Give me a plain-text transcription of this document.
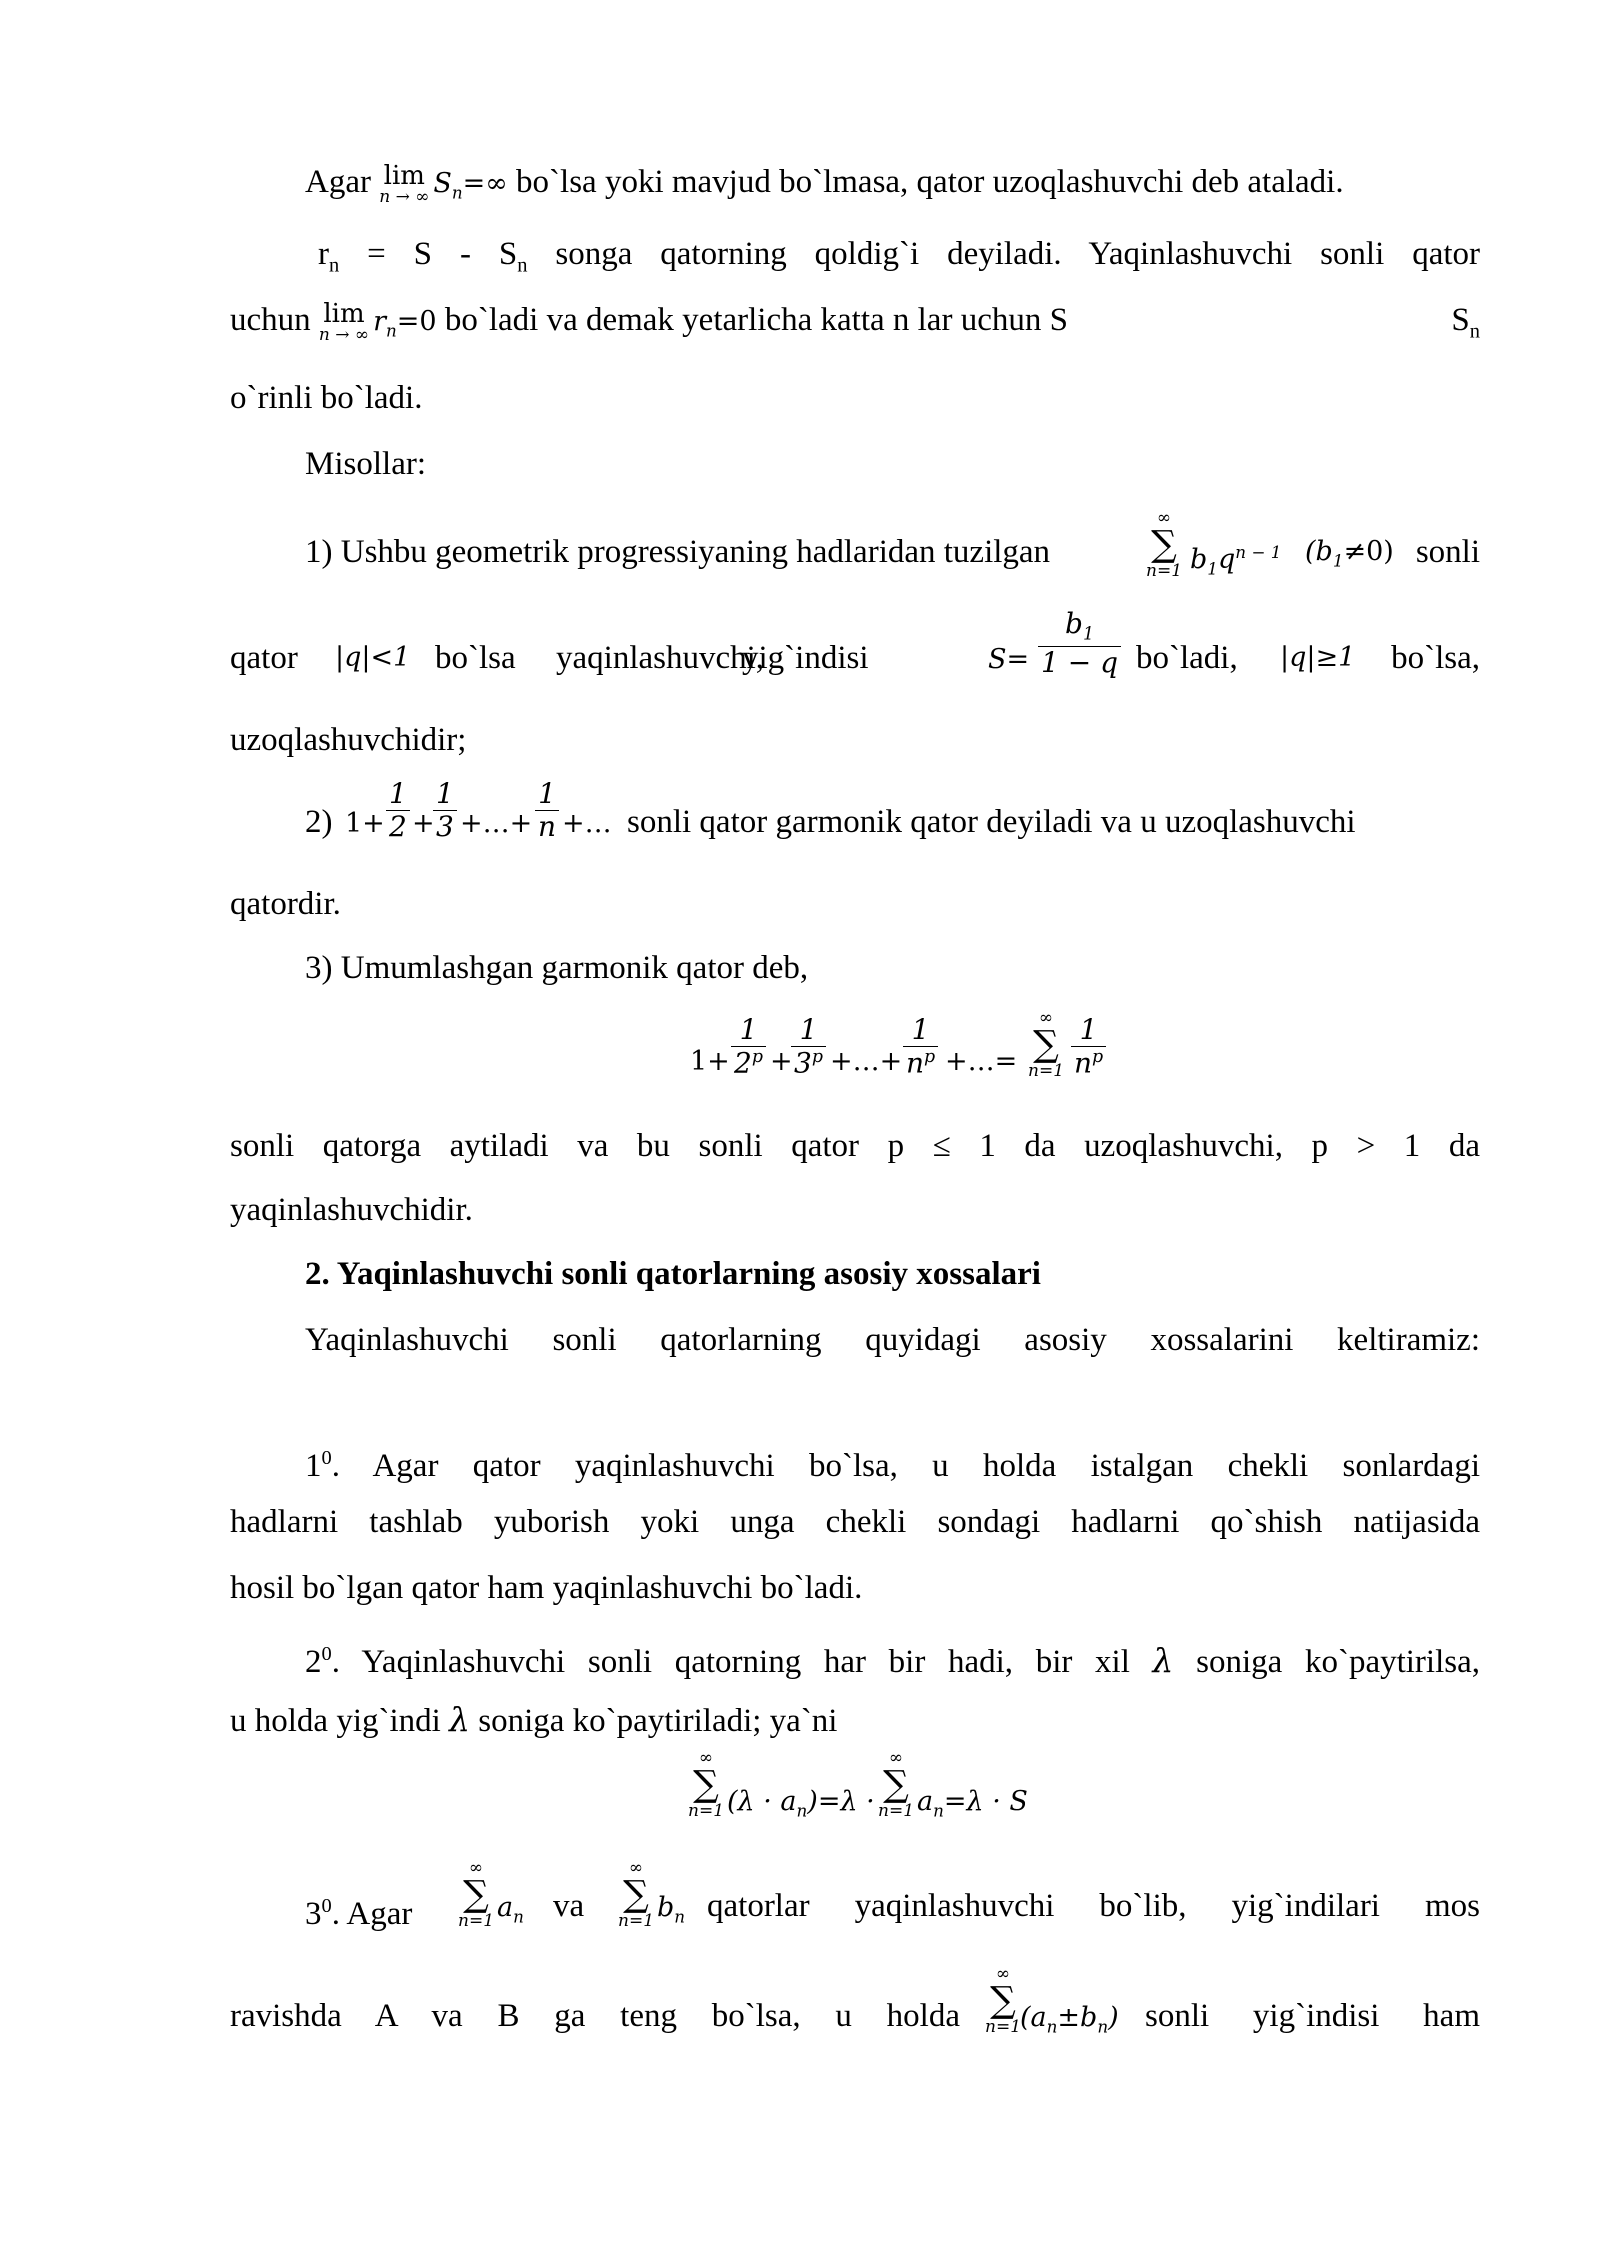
Agar lim
n → ∞ $S_n=\infty$ bo`lsa yoki mavjud bo`lmasa, qator uzoqlashuvchi deb ataladi.
$r_n = S - S_n$ songa qatorning qoldig`i deyiladi. Yaqinlashuvchi sonli qator
uchun lim
n → ∞ $r_n=0$ bo`ladi va demak yetarlicha katta n lar uchun S	$S_n$
o`rinli bo`ladi.
Misollar:
1) Ushbu geometrik progressiyaning hadlaridan tuzilgan
∞
∑
n=1 $b_1q^{n - 1}$ $(b_1\ne 0)$ sonli
qator |q|<1 bo`lsa yaqinlashuvchi,
yig`indisi	$S= \frac{b_1}{1 - q}$ bo`ladi, |q|≥1 bo`lsa,
uzoqlashuvchidir;
2) $1+ \frac{1}{2}$ +
$\frac{1}{3}$ +…+ $\frac{1}{n}$ +… sonli qator garmonik qator deyiladi va u uzoqlashuvchi
qatordir.
3) Umumlashgan garmonik qator deb,
$1+ \frac{1}{2^p}$ +
$\frac{1}{3^p}$ +…+ $\frac{1}{n^p}$ +…=
∞
∑
$n=1 \frac{1}{n^p}$
sonli qatorga aytiladi va bu sonli qator p ≤ 1 da uzoqlashuvchi, p > 1 da
yaqinlashuvchidir.
2. Yaqinlashuvchi sonli qatorlarning asosiy xossalari
Yaqinlashuvchi sonli qatorlarning quyidagi asosiy xossalarini keltiramiz:
$1^0$. Agar qator yaqinlashuvchi bo`lsa, u holda istalgan chekli sonlardagi
hadlarni tashlab yuborish yoki unga chekli sondagi hadlarni qo`shish natijasida
hosil bo`lgan qator ham yaqinlashuvchi bo`ladi.
$2^0$. Yaqinlashuvchi sonli qatorning har bir hadi, bir xil λ soniga ko`paytirilsa,
u holda yig`indi λ soniga ko`paytiriladi; ya`ni
∞
∑
n=1 $(\lambda \cdot a_n)=\lambda$ ·
∞
∑
n=1 $a_n=\lambda \cdot S$
$3^0$. Agar
∞
∑
n=1 $a_n$ va
∞
∑
n=1 $b_n$ qatorlar yaqinlashuvchi bo`lib, yig`indilari mos
ravishda A va B ga teng bo`lsa, u holda
∞
∑
n=1
$(a_n\pm b_n)$ sonli yig`indisi ham
